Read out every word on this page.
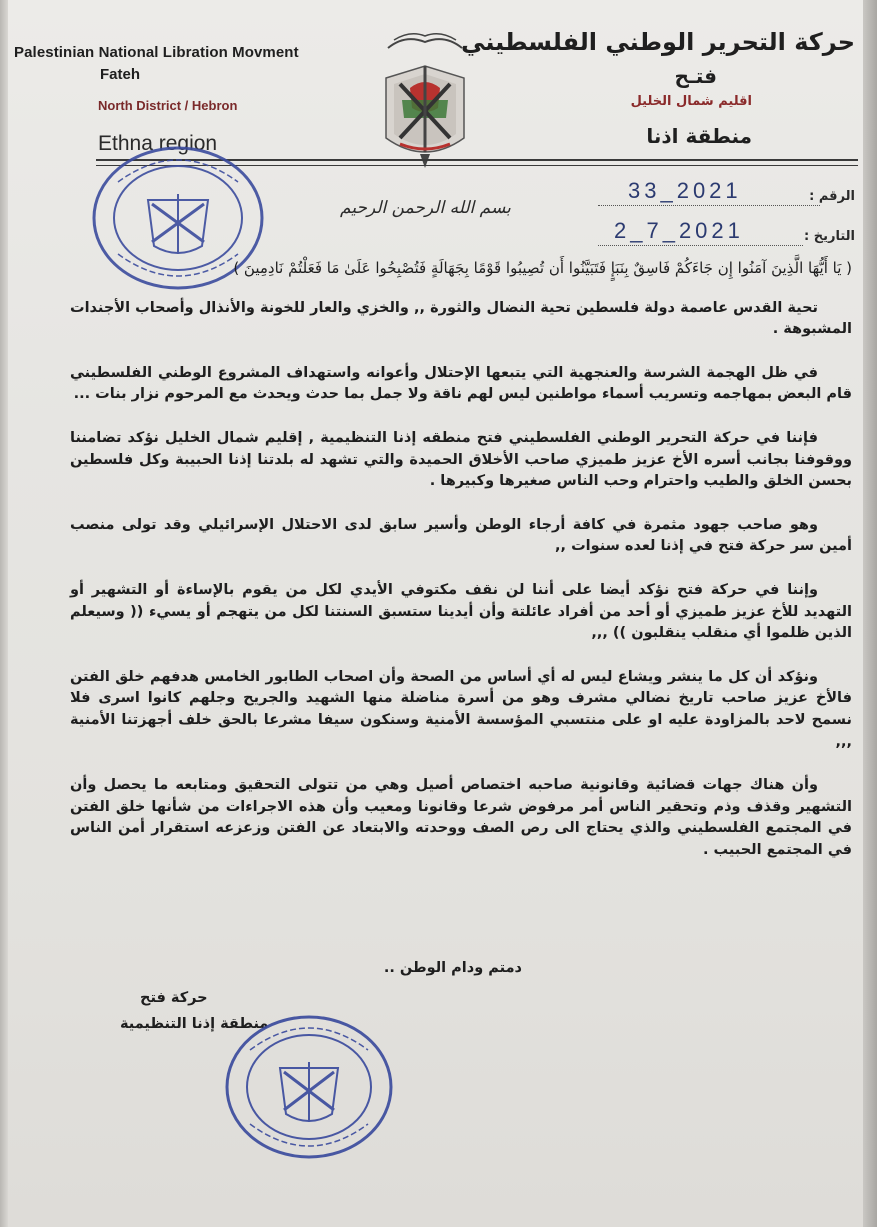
Palestinian National Libration Movment
Fateh
North District / Hebron
Ethna region
حركة التحرير الوطني الفلسطيني
فتـح
اقليم شمال الخليل
منطقة اذنا
الرقم :
33_2021
التاريخ :
2_7_2021
بسم الله الرحمن الرحيم

( يَا أَيُّهَا الَّذِينَ آمَنُوا إِن جَاءَكُمْ فَاسِقٌ بِنَبَإٍ فَتَبَيَّنُوا أَن تُصِيبُوا قَوْمًا بِجَهَالَةٍ فَتُصْبِحُوا عَلَىٰ مَا فَعَلْتُمْ نَادِمِينَ )

تحية القدس عاصمة دولة فلسطين تحية النضال والثورة ,, والخزي والعار للخونة والأنذال وأصحاب الأجندات المشبوهة .

في ظل الهجمة الشرسة والعنجهية التي يتبعها الإحتلال وأعوانه واستهداف المشروع الوطني الفلسطيني قام البعض بمهاجمه وتسريب أسماء مواطنين ليس لهم ناقة ولا جمل بما حدث ويحدث مع المرحوم نزار بنات ...

فإننا في حركة التحرير الوطني الفلسطيني فتح منطقه إذنا التنظيمية , إقليم شمال الخليل نؤكد تضامننا ووقوفنا بجانب أسره الأخ عزيز طميزي صاحب الأخلاق الحميدة والتي تشهد له بلدتنا إذنا الحبيبة وكل فلسطين بحسن الخلق والطيب واحترام وحب الناس صغيرها وكبيرها .

وهو صاحب جهود مثمرة في كافة أرجاء الوطن وأسير سابق لدى الاحتلال الإسرائيلي وقد تولى منصب أمين سر حركة فتح في إذنا لعده سنوات ,,

وإننا في حركة فتح نؤكد أيضا على أننا لن نقف مكتوفي الأيدي لكل من يقوم بالإساءة أو التشهير أو التهديد للأخ عزيز طميزي أو أحد من أفراد عائلتة وأن أيدينا ستسبق السنتنا لكل من يتهجم أو يسيء (( وسيعلم الذين ظلموا أي منقلب ينقلبون )) ,,,

ونؤكد أن كل ما ينشر ويشاع ليس له أي أساس من الصحة وأن اصحاب الطابور الخامس هدفهم خلق الفتن فالأخ عزيز صاحب تاريخ نضالي مشرف وهو من أسرة مناضلة منها الشهيد والجريح وجلهم كانوا اسرى فلا نسمح لاحد بالمزاودة عليه او على منتسبي المؤسسة الأمنية وسنكون سيفا مشرعا بالحق خلف أجهزتنا الأمنية ,,,

وأن هناك جهات قضائية وقانونية صاحبه اختصاص أصيل وهي من تتولى التحقيق ومتابعه ما يحصل وأن التشهير وقذف وذم وتحقير الناس أمر مرفوض شرعا وقانونا ومعيب وأن هذه الاجراءات من شأنها خلق الفتن في المجتمع الفلسطيني والذي يحتاج الى رص الصف ووحدته والابتعاد عن الفتن وزعزعه استقرار أمن الناس في المجتمع الحبيب .

دمتم ودام الوطن ..
حركة فتح
منطقة إذنا التنظيمية
